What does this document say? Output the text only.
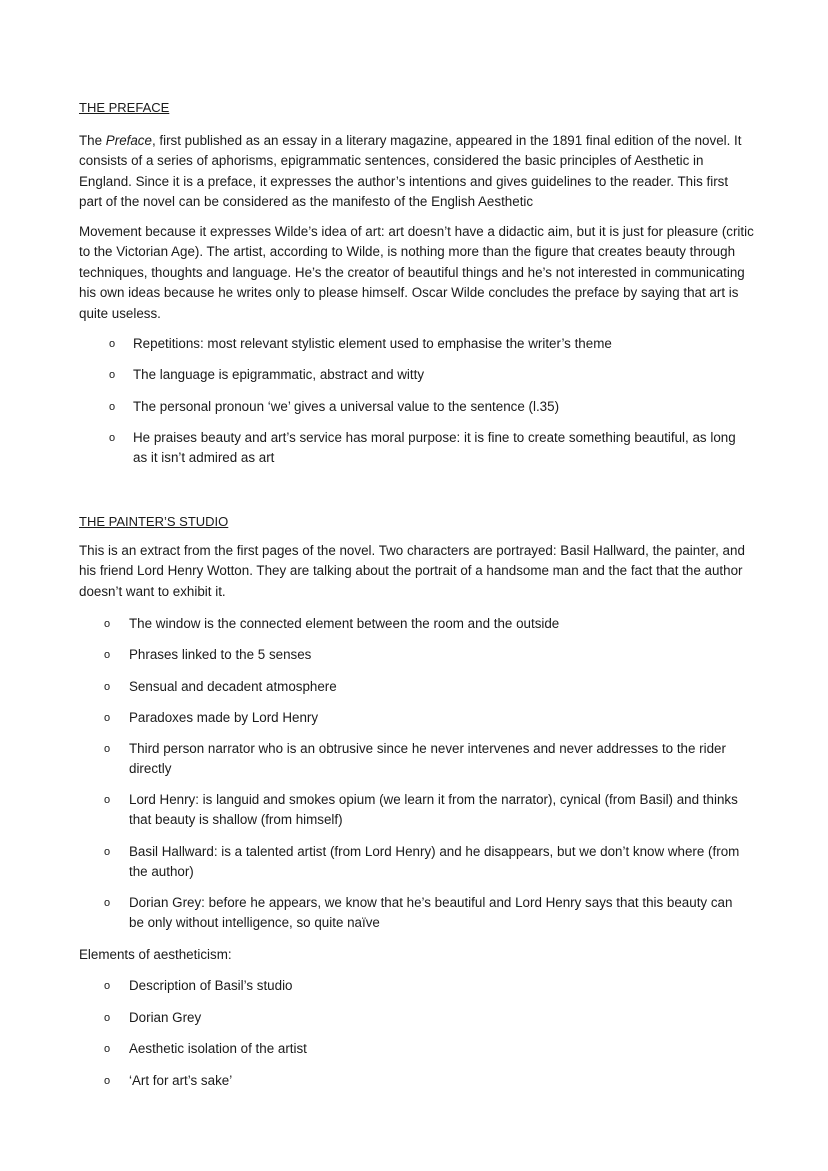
THE PREFACE

The Preface, first published as an essay in a literary magazine, appeared in the 1891 final edition of the novel. It consists of a series of aphorisms, epigrammatic sentences, considered the basic principles of Aesthetic in England. Since it is a preface, it expresses the author’s intentions and gives guidelines to the reader. This first part of the novel can be considered as the manifesto of the English Aesthetic

Movement because it expresses Wilde’s idea of art: art doesn’t have a didactic aim, but it is just for pleasure (critic to the Victorian Age). The artist, according to Wilde, is nothing more than the figure that creates beauty through techniques, thoughts and language. He’s the creator of beautiful things and he’s not interested in communicating his own ideas because he writes only to please himself. Oscar Wilde concludes the preface by saying that art is quite useless.

o Repetitions: most relevant stylistic element used to emphasise the writer’s theme
o The language is epigrammatic, abstract and witty
o The personal pronoun ‘we’ gives a universal value to the sentence (l.35)
o He praises beauty and art’s service has moral purpose: it is fine to create something beautiful, as long as it isn’t admired as art
THE PAINTER’S STUDIO

This is an extract from the first pages of the novel. Two characters are portrayed: Basil Hallward, the painter, and his friend Lord Henry Wotton. They are talking about the portrait of a handsome man and the fact that the author doesn’t want to exhibit it.

o The window is the connected element between the room and the outside
o Phrases linked to the 5 senses
o Sensual and decadent atmosphere
o Paradoxes made by Lord Henry
o Third person narrator who is an obtrusive since he never intervenes and never addresses to the rider directly
o Lord Henry: is languid and smokes opium (we learn it from the narrator), cynical (from Basil) and thinks that beauty is shallow (from himself)
o Basil Hallward: is a talented artist (from Lord Henry) and he disappears, but we don’t know where (from the author)
o Dorian Grey: before he appears, we know that he’s beautiful and Lord Henry says that this beauty can be only without intelligence, so quite naïve
Elements of aestheticism:
o Description of Basil’s studio
o Dorian Grey
o Aesthetic isolation of the artist
o ‘Art for art’s sake’
